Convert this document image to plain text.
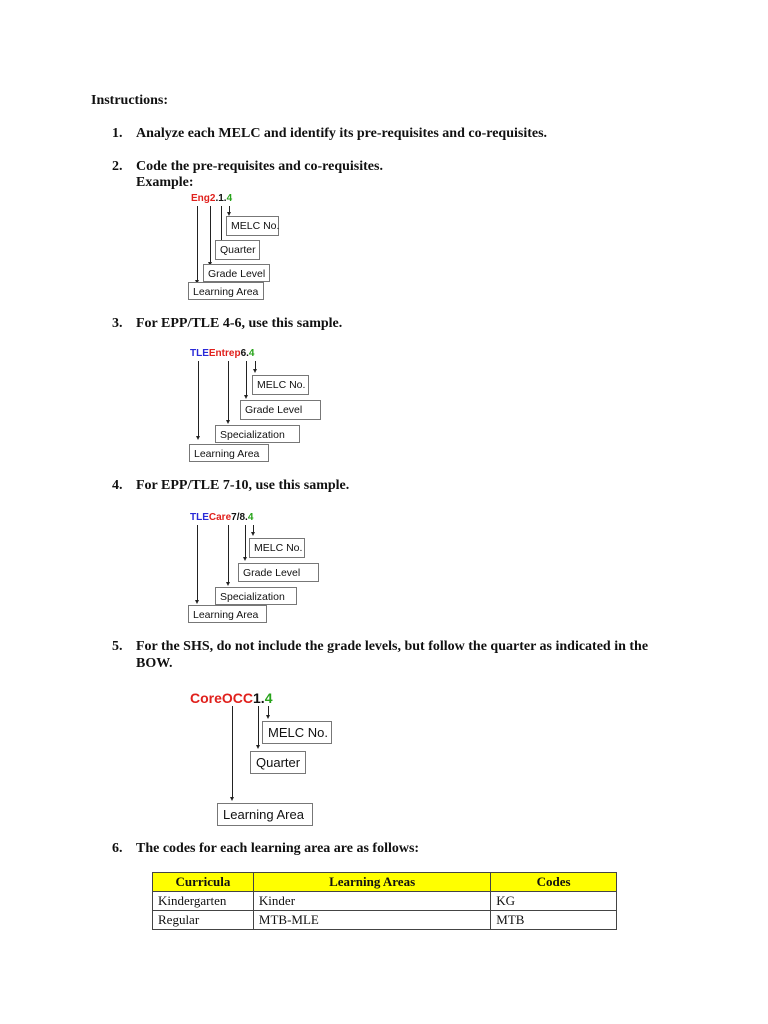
Instructions:
1. Analyze each MELC and identify its pre-requisites and co-requisites.
2. Code the pre-requisites and co-requisites.
Example:
Eng2.1.4
MELC No.
Quarter
Grade Level
Learning Area
3. For EPP/TLE 4-6, use this sample.
TLEEntrep6.4
MELC No.
Grade Level
Specialization
Learning Area
4. For EPP/TLE 7-10, use this sample.
TLECare7/8.4
MELC No.
Grade Level
Specialization
Learning Area
5. For the SHS, do not include the grade levels, but follow the quarter as indicated in the
BOW.
CoreOCC1.4
MELC No.
Quarter
Learning Area
6. The codes for each learning area are as follows:
Curricula	Learning Areas	Codes
Kindergarten	Kinder	KG
Regular	MTB-MLE	MTB
